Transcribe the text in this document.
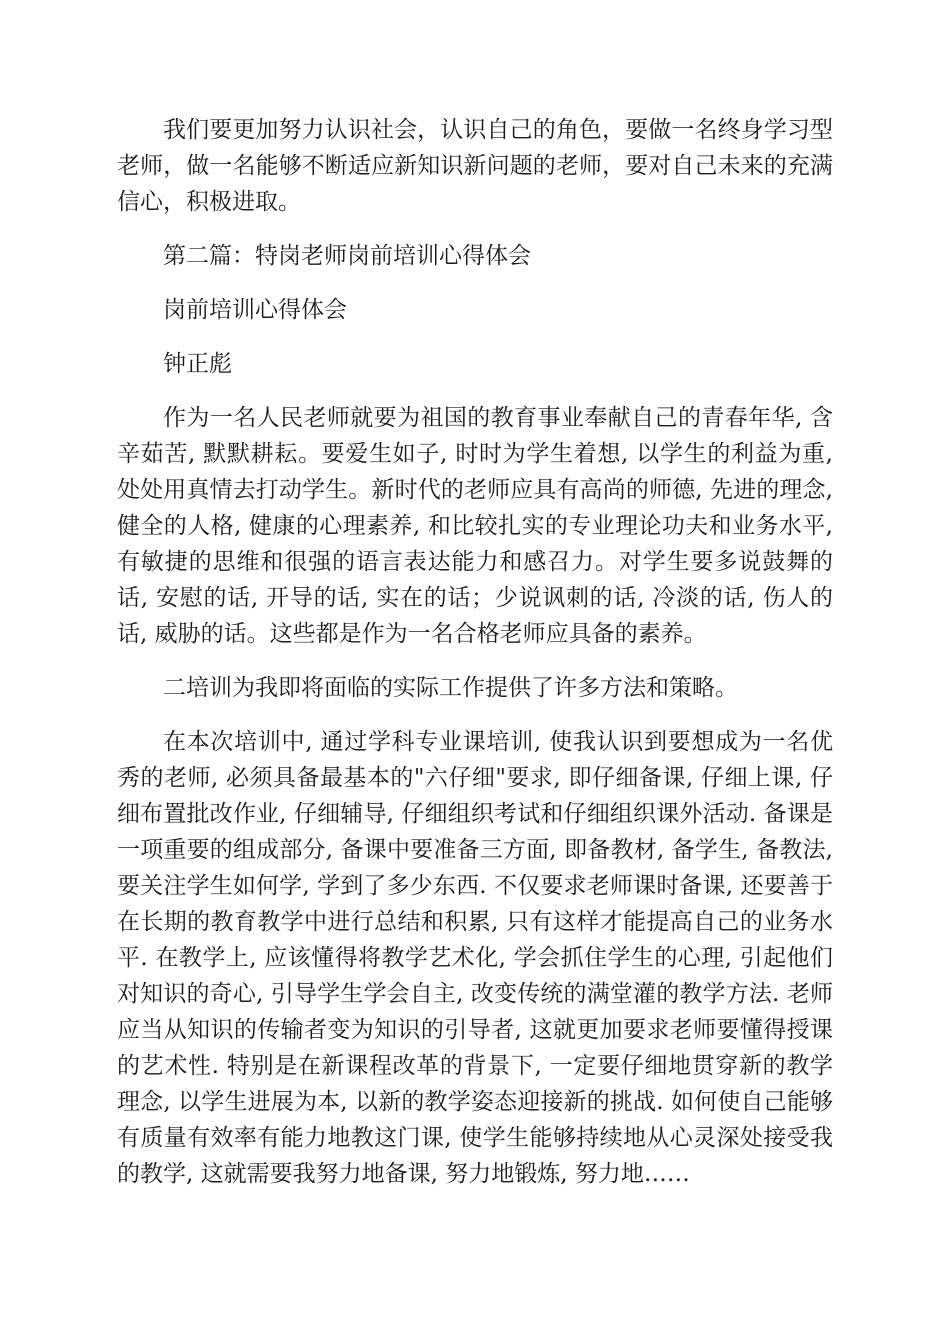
我们要更加努力认识社会，认识自己的角色，要做一名终身学习型老师，做一名能够不断适应新知识新问题的老师，要对自己未来的充满信心，积极进取。

第二篇：特岗老师岗前培训心得体会

岗前培训心得体会

钟正彪

作为一名人民老师就要为祖国的教育事业奉献自己的青春年华, 含辛茹苦, 默默耕耘。要爱生如子, 时时为学生着想, 以学生的利益为重, 处处用真情去打动学生。新时代的老师应具有高尚的师德, 先进的理念, 健全的人格, 健康的心理素养, 和比较扎实的专业理论功夫和业务水平, 有敏捷的思维和很强的语言表达能力和感召力。对学生要多说鼓舞的话, 安慰的话, 开导的话, 实在的话；少说讽刺的话, 冷淡的话, 伤人的话, 威胁的话。这些都是作为一名合格老师应具备的素养。

二培训为我即将面临的实际工作提供了许多方法和策略。

在本次培训中, 通过学科专业课培训, 使我认识到要想成为一名优秀的老师, 必须具备最基本的"六仔细"要求, 即仔细备课, 仔细上课, 仔细布置批改作业, 仔细辅导, 仔细组织考试和仔细组织课外活动. 备课是一项重要的组成部分, 备课中要准备三方面, 即备教材, 备学生, 备教法, 要关注学生如何学, 学到了多少东西. 不仅要求老师课时备课, 还要善于在长期的教育教学中进行总结和积累, 只有这样才能提高自己的业务水平. 在教学上, 应该懂得将教学艺术化, 学会抓住学生的心理, 引起他们对知识的奇心, 引导学生学会自主, 改变传统的满堂灌的教学方法. 老师应当从知识的传输者变为知识的引导者, 这就更加要求老师要懂得授课的艺术性. 特别是在新课程改革的背景下, 一定要仔细地贯穿新的教学理念, 以学生进展为本, 以新的教学姿态迎接新的挑战. 如何使自己能够有质量有效率有能力地教这门课, 使学生能够持续地从心灵深处接受我的教学, 这就需要我努力地备课, 努力地锻炼, 努力地……
